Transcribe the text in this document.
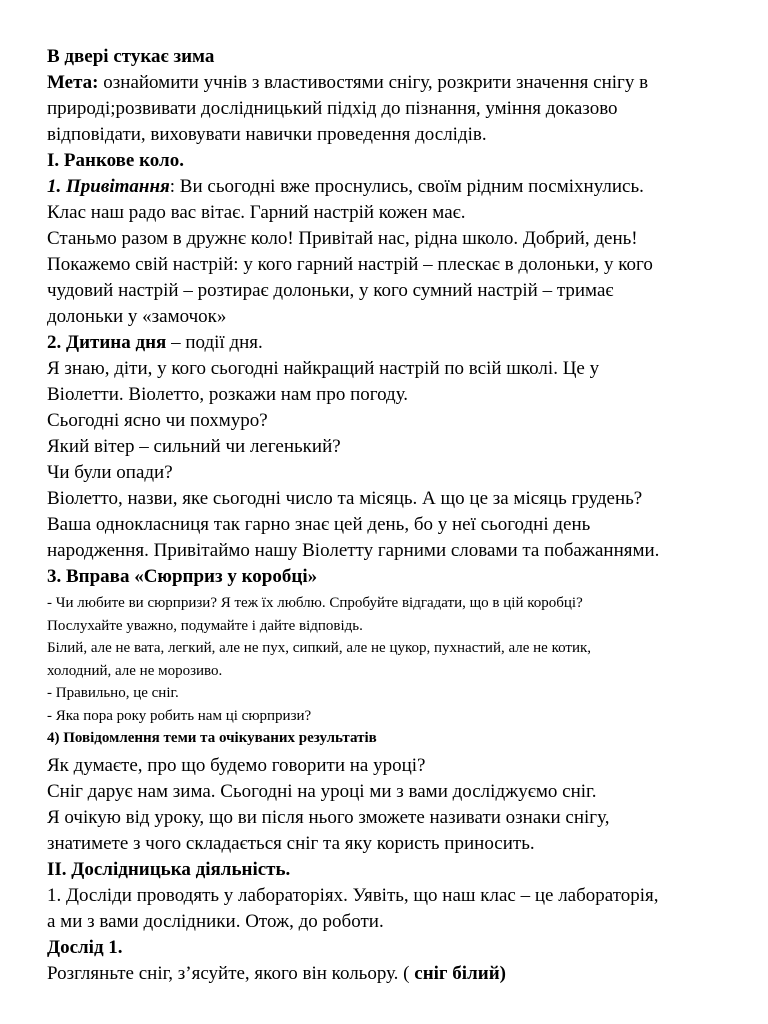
В двері стукає зима
Мета: ознайомити учнів з властивостями снігу, розкрити значення снігу в
природі;розвивати дослідницький підхід до пізнання, уміння доказово
відповідати, виховувати навички проведення дослідів.
І. Ранкове коло.
1. Привітання: Ви сьогодні вже проснулись, своїм рідним посміхнулись.
Клас наш радо вас вітає. Гарний настрій кожен має.
Станьмо разом в дружнє коло! Привітай нас, рідна школо. Добрий, день!
Покажемо свій настрій: у кого гарний настрій – плескає в долоньки, у кого
чудовий настрій – розтирає долоньки, у кого сумний настрій – тримає
долоньки у «замочок»
2. Дитина дня – події дня.
Я знаю, діти, у кого сьогодні найкращий настрій по всій школі. Це у
Віолетти. Віолетто, розкажи нам про погоду.
Сьогодні ясно чи похмуро?
Який вітер – сильний чи легенький?
Чи були опади?
Віолетто, назви, яке сьогодні число та місяць. А що це за місяць грудень?
Ваша однокласниця так гарно знає цей день, бо у неї сьогодні день
народження. Привітаймо нашу Віолетту гарними словами та побажаннями.
3. Вправа «Сюрприз у коробці»
- Чи любите ви сюрпризи? Я теж їх люблю. Спробуйте відгадати, що в цій коробці?
Послухайте уважно, подумайте і дайте відповідь.
Білий, але не вата, легкий, але не пух, сипкий, але не цукор, пухнастий, але не котик,
холодний, але не морозиво.
- Правильно, це сніг.
- Яка пора року робить нам ці сюрпризи?
4) Повідомлення теми та очікуваних результатів
Як думаєте, про що будемо говорити на уроці?
Сніг дарує нам зима. Сьогодні на уроці ми з вами досліджуємо сніг.
Я очікую від уроку, що ви після нього зможете називати ознаки снігу,
знатимете з чого складається сніг та яку користь приносить.
ІІ. Дослідницька діяльність.
1. Досліди проводять у лабораторіях. Уявіть, що наш клас – це лабораторія,
а ми з вами дослідники. Отож, до роботи.
Дослід 1.
Розгляньте сніг, з’ясуйте, якого він кольору. ( сніг білий)
